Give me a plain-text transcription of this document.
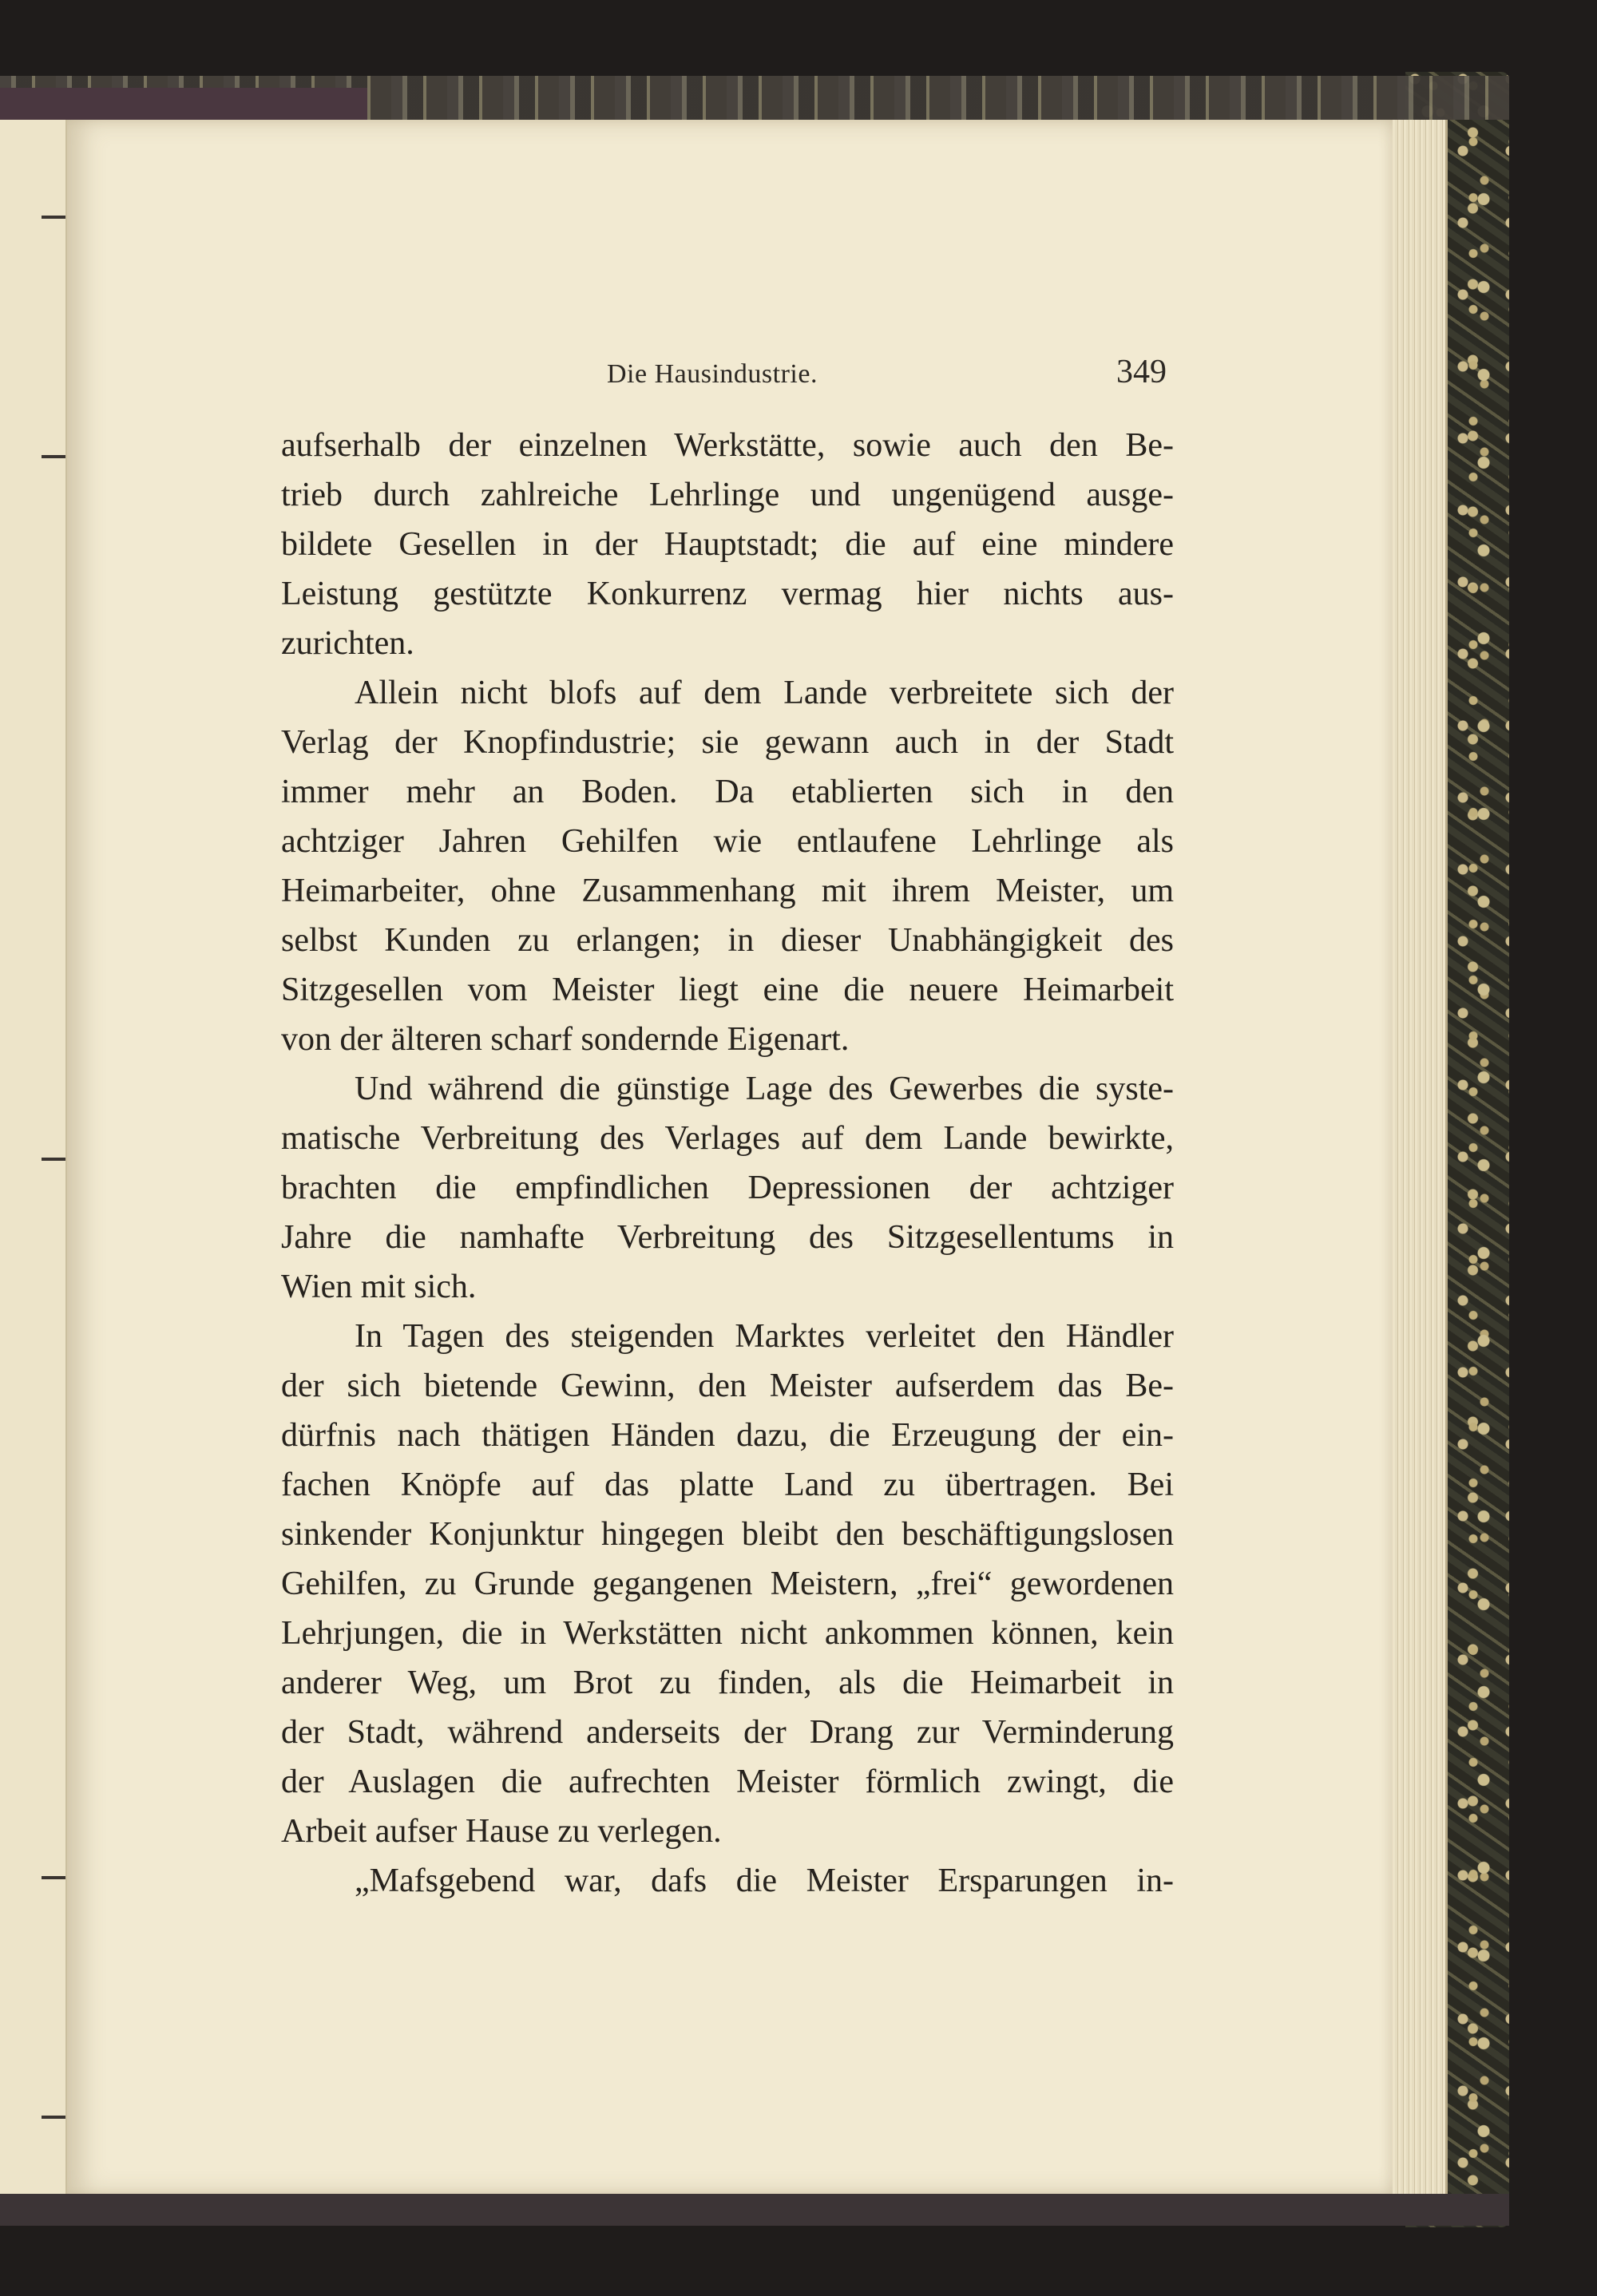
Die Hausindustrie.	349
aufserhalb der einzelnen Werkstätte, sowie auch den Be-
trieb durch zahlreiche Lehrlinge und ungenügend ausge-
bildete Gesellen in der Hauptstadt; die auf eine mindere
Leistung gestützte Konkurrenz vermag hier nichts aus-
zurichten.
Allein nicht blofs auf dem Lande verbreitete sich der
Verlag der Knopfindustrie; sie gewann auch in der Stadt
immer mehr an Boden. Da etablierten sich in den
achtziger Jahren Gehilfen wie entlaufene Lehrlinge als
Heimarbeiter, ohne Zusammenhang mit ihrem Meister, um
selbst Kunden zu erlangen; in dieser Unabhängigkeit des
Sitzgesellen vom Meister liegt eine die neuere Heimarbeit
von der älteren scharf sondernde Eigenart.
Und während die günstige Lage des Gewerbes die syste-
matische Verbreitung des Verlages auf dem Lande bewirkte,
brachten die empfindlichen Depressionen der achtziger
Jahre die namhafte Verbreitung des Sitzgesellentums in
Wien mit sich.
In Tagen des steigenden Marktes verleitet den Händler
der sich bietende Gewinn, den Meister aufserdem das Be-
dürfnis nach thätigen Händen dazu, die Erzeugung der ein-
fachen Knöpfe auf das platte Land zu übertragen. Bei
sinkender Konjunktur hingegen bleibt den beschäftigungslosen
Gehilfen, zu Grunde gegangenen Meistern, „frei“ gewordenen
Lehrjungen, die in Werkstätten nicht ankommen können, kein
anderer Weg, um Brot zu finden, als die Heimarbeit in
der Stadt, während anderseits der Drang zur Verminderung
der Auslagen die aufrechten Meister förmlich zwingt, die
Arbeit aufser Hause zu verlegen.
„Mafsgebend war, dafs die Meister Ersparungen in-
